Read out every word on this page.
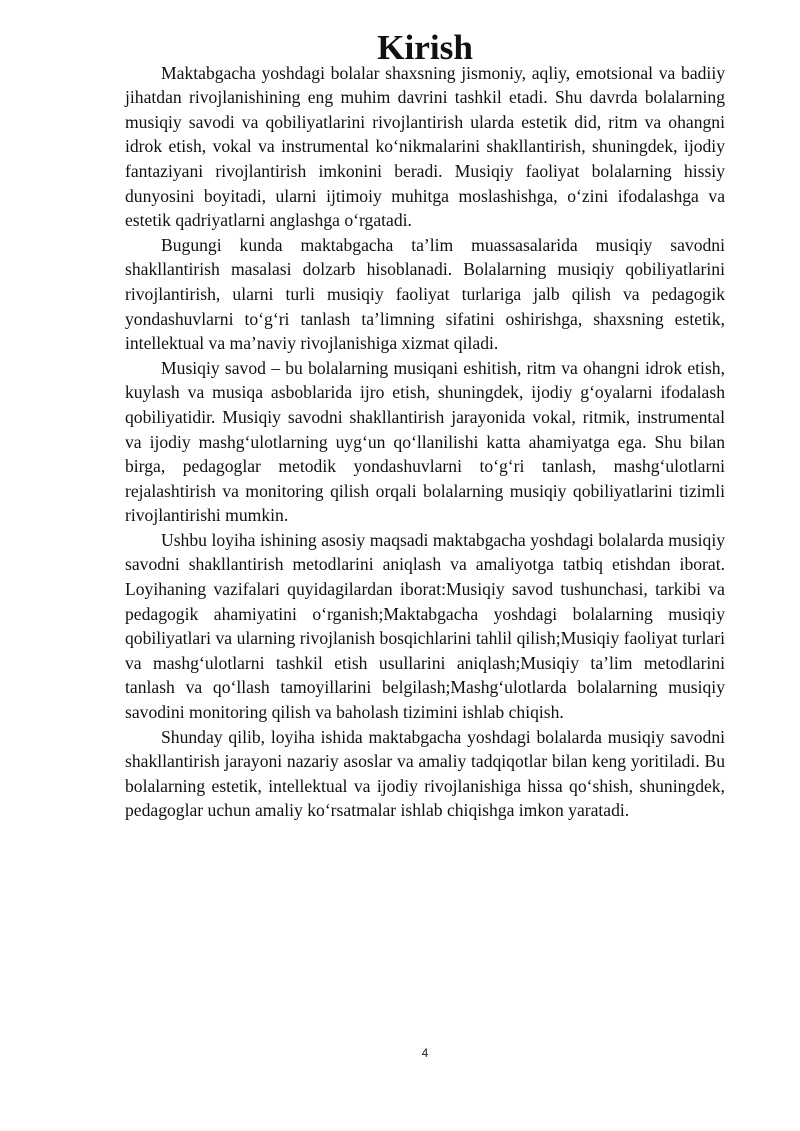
Kirish

Maktabgacha yoshdagi bolalar shaxsning jismoniy, aqliy, emotsional va badiiy jihatdan rivojlanishining eng muhim davrini tashkil etadi. Shu davrda bolalarning musiqiy savodi va qobiliyatlarini rivojlantirish ularda estetik did, ritm va ohangni idrok etish, vokal va instrumental ko‘nikmalarini shakllantirish, shuningdek, ijodiy fantaziyani rivojlantirish imkonini beradi. Musiqiy faoliyat bolalarning hissiy dunyosini boyitadi, ularni ijtimoiy muhitga moslashishga, o‘zini ifodalashga va estetik qadriyatlarni anglashga o‘rgatadi.

Bugungi kunda maktabgacha ta’lim muassasalarida musiqiy savodni shakllantirish masalasi dolzarb hisoblanadi. Bolalarning musiqiy qobiliyatlarini rivojlantirish, ularni turli musiqiy faoliyat turlariga jalb qilish va pedagogik yondashuvlarni to‘g‘ri tanlash ta’limning sifatini oshirishga, shaxsning estetik, intellektual va ma’naviy rivojlanishiga xizmat qiladi.

Musiqiy savod – bu bolalarning musiqani eshitish, ritm va ohangni idrok etish, kuylash va musiqa asboblarida ijro etish, shuningdek, ijodiy g‘oyalarni ifodalash qobiliyatidir. Musiqiy savodni shakllantirish jarayonida vokal, ritmik, instrumental va ijodiy mashg‘ulotlarning uyg‘un qo‘llanilishi katta ahamiyatga ega. Shu bilan birga, pedagoglar metodik yondashuvlarni to‘g‘ri tanlash, mashg‘ulotlarni rejalashtirish va monitoring qilish orqali bolalarning musiqiy qobiliyatlarini tizimli rivojlantirishi mumkin.

Ushbu loyiha ishining asosiy maqsadi maktabgacha yoshdagi bolalarda musiqiy savodni shakllantirish metodlarini aniqlash va amaliyotga tatbiq etishdan iborat. Loyihaning vazifalari quyidagilardan iborat:Musiqiy savod tushunchasi, tarkibi va pedagogik ahamiyatini o‘rganish;Maktabgacha yoshdagi bolalarning musiqiy qobiliyatlari va ularning rivojlanish bosqichlarini tahlil qilish;Musiqiy faoliyat turlari va mashg‘ulotlarni tashkil etish usullarini aniqlash;Musiqiy ta’lim metodlarini tanlash va qo‘llash tamoyillarini belgilash;Mashg‘ulotlarda bolalarning musiqiy savodini monitoring qilish va baholash tizimini ishlab chiqish.

Shunday qilib, loyiha ishida maktabgacha yoshdagi bolalarda musiqiy savodni shakllantirish jarayoni nazariy asoslar va amaliy tadqiqotlar bilan keng yoritiladi. Bu bolalarning estetik, intellektual va ijodiy rivojlanishiga hissa qo‘shish, shuningdek, pedagoglar uchun amaliy ko‘rsatmalar ishlab chiqishga imkon yaratadi.

4
